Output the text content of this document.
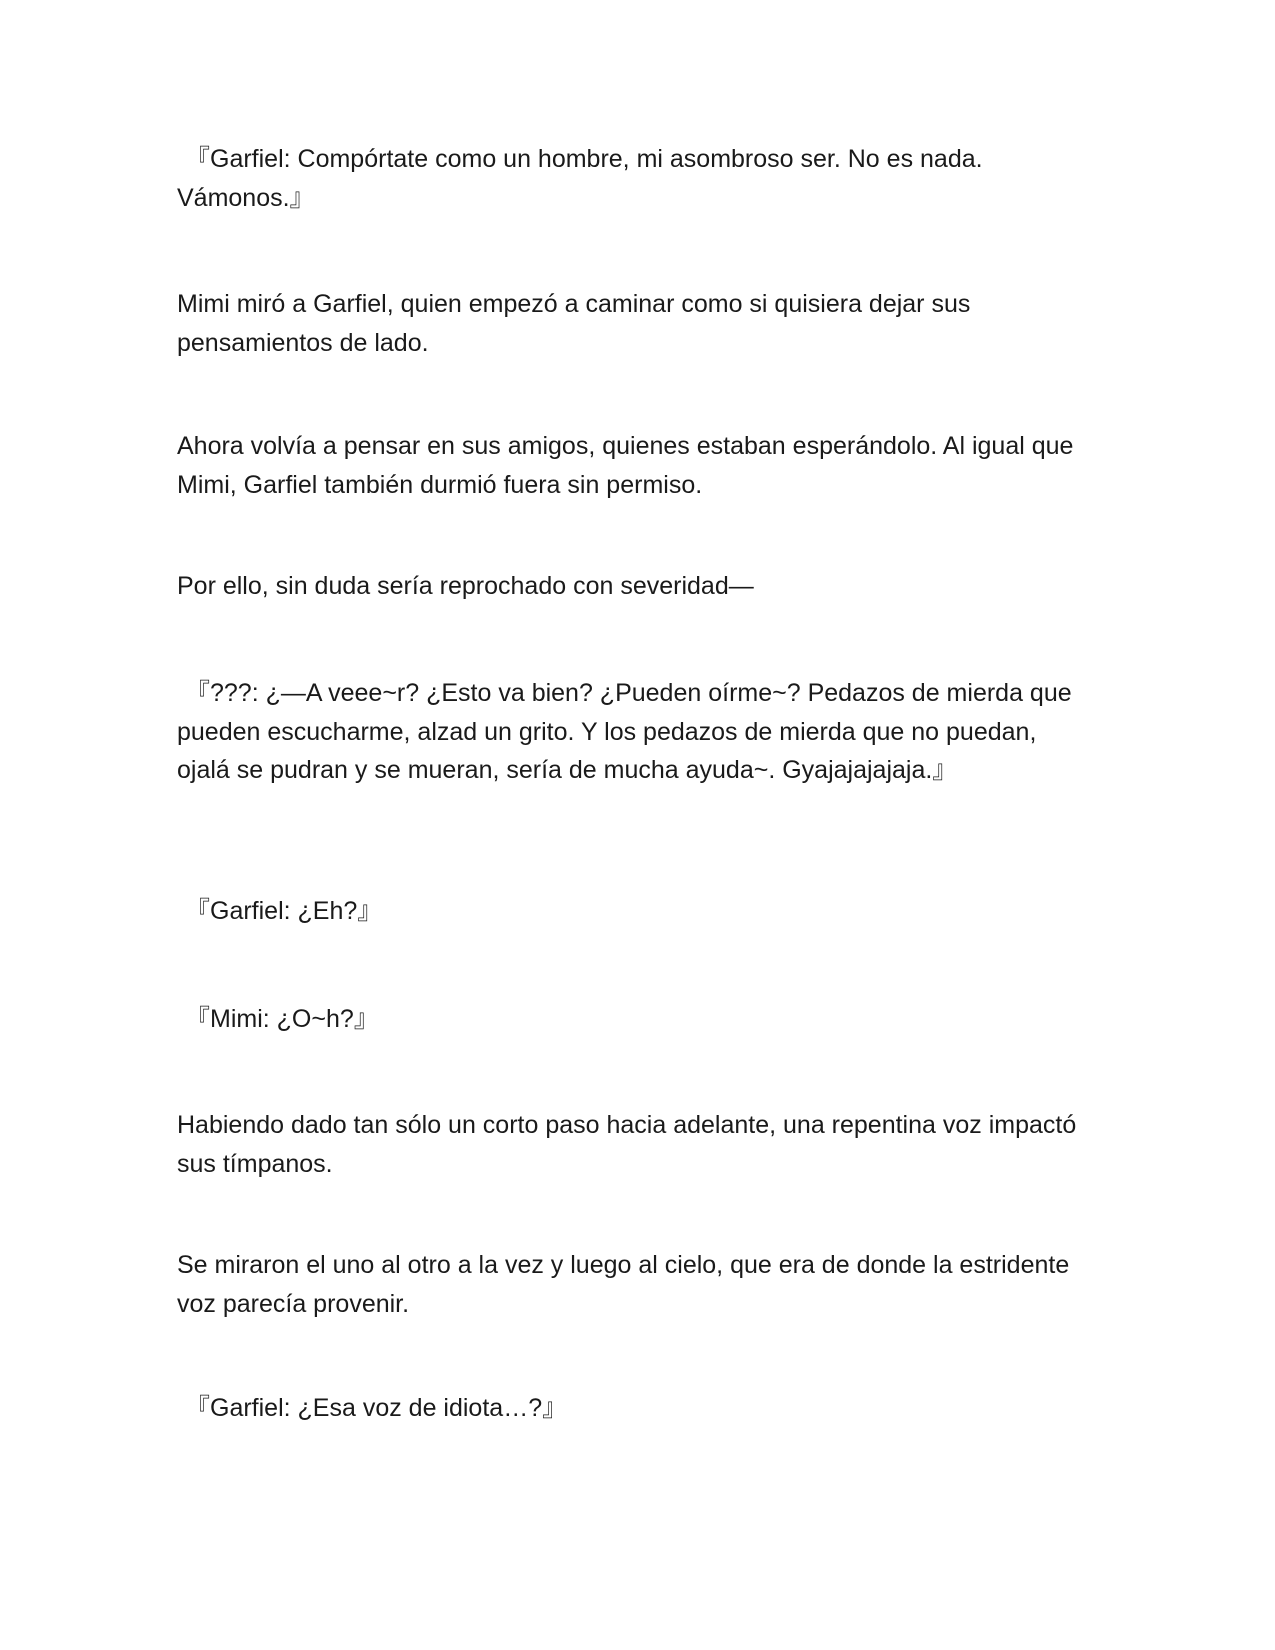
『Garfiel: Compórtate como un hombre, mi asombroso ser. No es nada. Vámonos.』

Mimi miró a Garfiel, quien empezó a caminar como si quisiera dejar sus pensamientos de lado.

Ahora volvía a pensar en sus amigos, quienes estaban esperándolo. Al igual que Mimi, Garfiel también durmió fuera sin permiso.

Por ello, sin duda sería reprochado con severidad—

『???: ¿—A veee~r? ¿Esto va bien? ¿Pueden oírme~? Pedazos de mierda que pueden escucharme, alzad un grito. Y los pedazos de mierda que no puedan, ojalá se pudran y se mueran, sería de mucha ayuda~. Gyajajajajaja.』

『Garfiel: ¿Eh?』

『Mimi: ¿O~h?』

Habiendo dado tan sólo un corto paso hacia adelante, una repentina voz impactó sus tímpanos.

Se miraron el uno al otro a la vez y luego al cielo, que era de donde la estridente voz parecía provenir.

『Garfiel: ¿Esa voz de idiota…?』
